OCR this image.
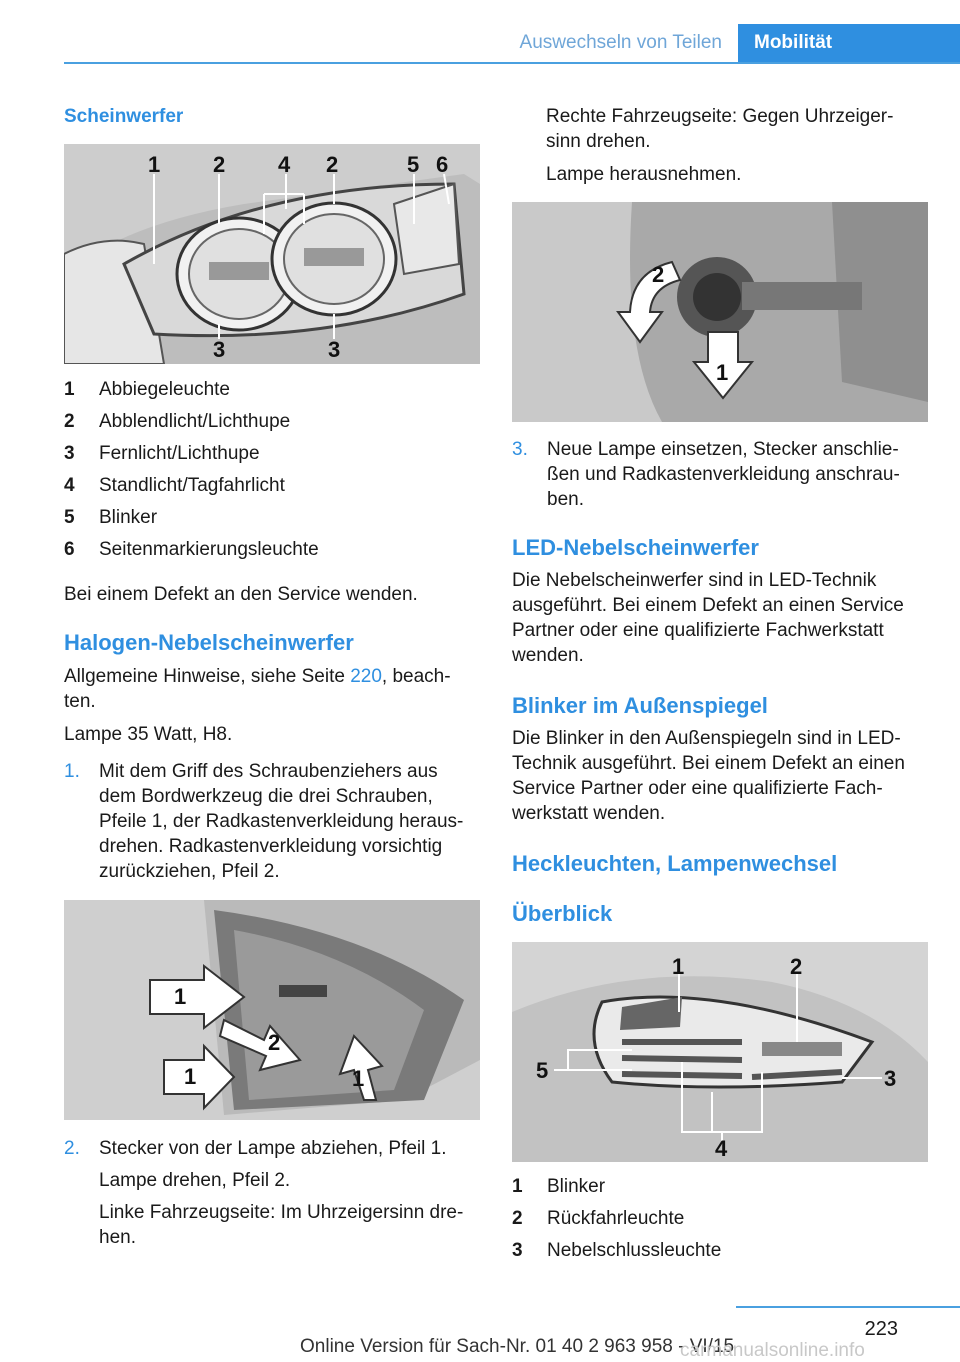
Auswechseln von Teilen	Mobilität
Scheinwerfer
1 2 4 2	5 6
3	3
1 Abbiegeleuchte
2 Abblendlicht/Lichthupe
3 Fernlicht/Lichthupe
4 Standlicht/Tagfahrlicht
5 Blinker
6 Seitenmarkierungsleuchte
Bei einem Defekt an den Service wenden.
Halogen-Nebelscheinwerfer
Allgemeine Hinweise, siehe Seite 220, beach-
ten.
Lampe 35 Watt, H8.
1. Mit dem Griff des Schraubenziehers aus
dem Bordwerkzeug die drei Schrauben,
Pfeile 1, der Radkastenverkleidung heraus-
drehen. Radkastenverkleidung vorsichtig
zurückziehen, Pfeil 2.
1
2
1	1
2. Stecker von der Lampe abziehen, Pfeil 1.
Lampe drehen, Pfeil 2.
Linke Fahrzeugseite: Im Uhrzeigersinn dre-
hen.
Rechte Fahrzeugseite: Gegen Uhrzeiger-
sinn drehen.
Lampe herausnehmen.
2
1
3. Neue Lampe einsetzen, Stecker anschlie-
ßen und Radkastenverkleidung anschrau-
ben.
LED-Nebelscheinwerfer
Die Nebelscheinwerfer sind in LED-Technik
ausgeführt. Bei einem Defekt an einen Service
Partner oder eine qualifizierte Fachwerkstatt
wenden.
Blinker im Außenspiegel
Die Blinker in den Außenspiegeln sind in LED-
Technik ausgeführt. Bei einem Defekt an einen
Service Partner oder eine qualifizierte Fach-
werkstatt wenden.
Heckleuchten, Lampenwechsel
Überblick
1	2
5	3
4
1 Blinker
2 Rückfahrleuchte
3 Nebelschlussleuchte
223
Online Version für Sach-Nr. 01 40 2 963 958 - VI/15
carmanualsonline.info
